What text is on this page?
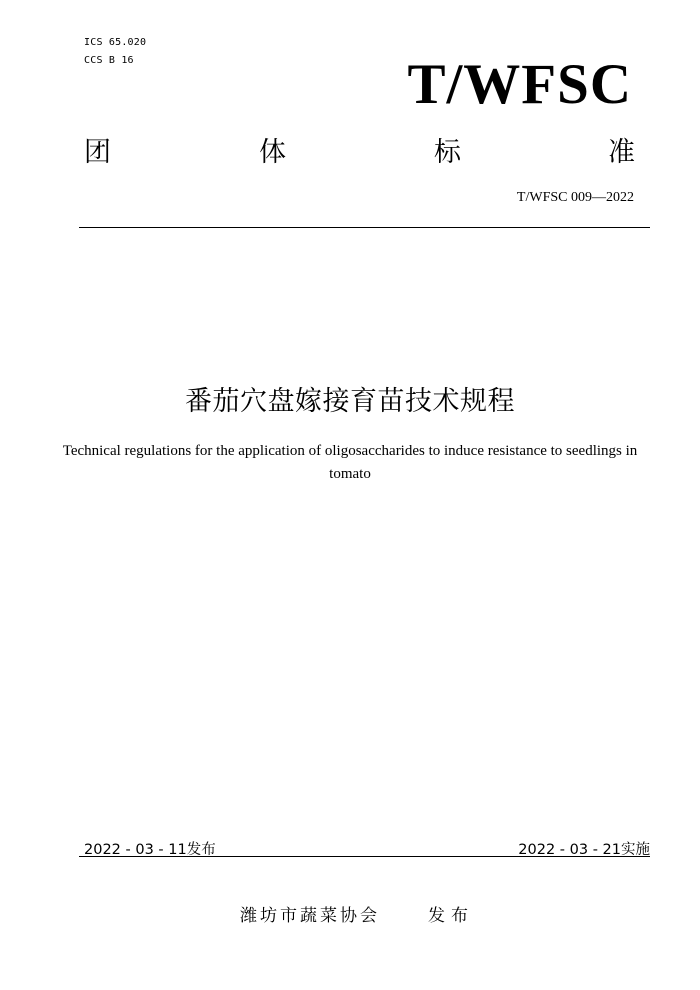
ICS 65.020
CCS B 16	T/WFSC
团	体	标	准
T/WFSC 009—2022
番茄穴盘嫁接育苗技术规程
Technical regulations for the application of oligosaccharides to induce resistance to seedlings in tomato
2022 - 03 - 11发布	2022 - 03 - 21实施
潍坊市蔬菜协会	发布
